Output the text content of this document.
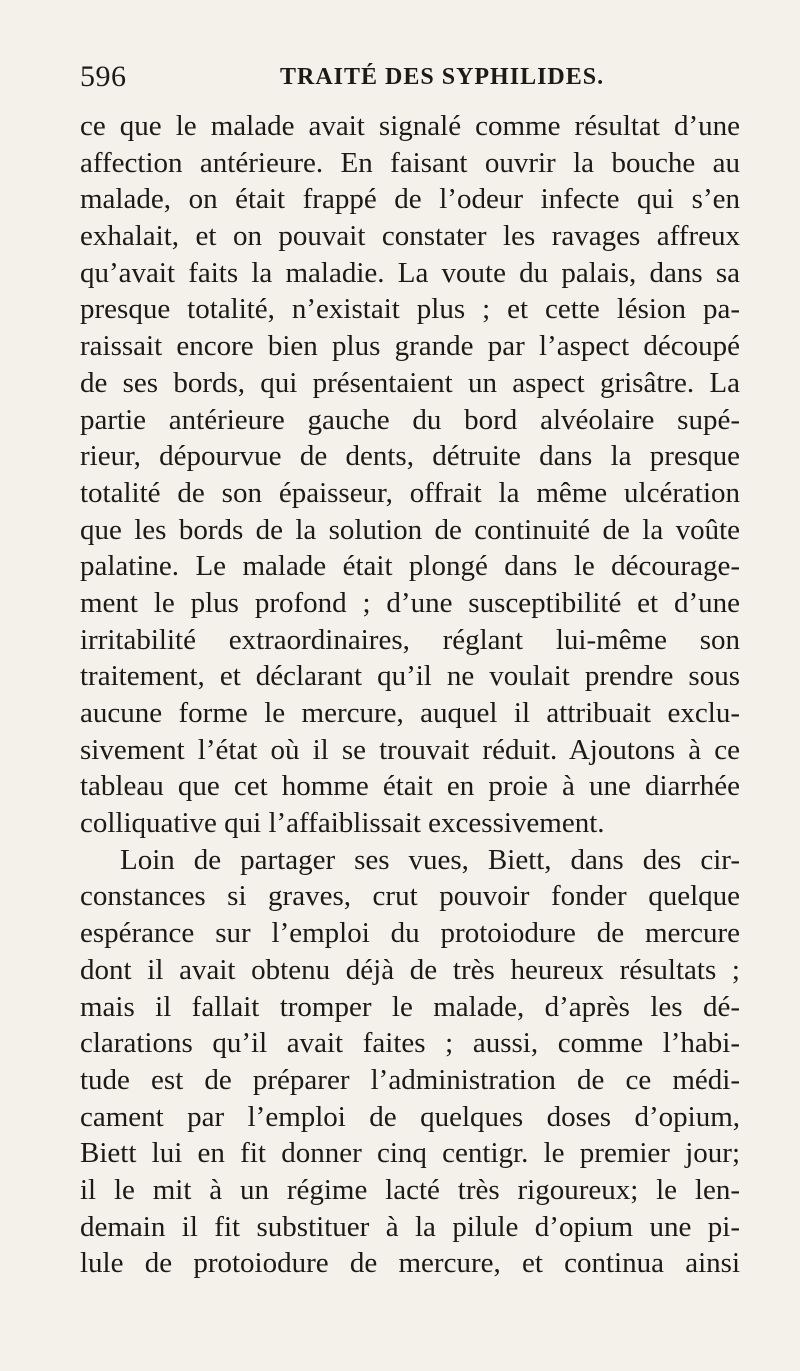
596	TRAITÉ DES SYPHILIDES.
ce que le malade avait signalé comme résultat d’une
affection antérieure. En faisant ouvrir la bouche au
malade, on était frappé de l’odeur infecte qui s’en
exhalait, et on pouvait constater les ravages affreux
qu’avait faits la maladie. La voute du palais, dans sa
presque totalité, n’existait plus ; et cette lésion pa-
raissait encore bien plus grande par l’aspect découpé
de ses bords, qui présentaient un aspect grisâtre. La
partie antérieure gauche du bord alvéolaire supé-
rieur, dépourvue de dents, détruite dans la presque
totalité de son épaisseur, offrait la même ulcération
que les bords de la solution de continuité de la voûte
palatine. Le malade était plongé dans le décourage-
ment le plus profond ; d’une susceptibilité et d’une
irritabilité extraordinaires, réglant lui-même son
traitement, et déclarant qu’il ne voulait prendre sous
aucune forme le mercure, auquel il attribuait exclu-
sivement l’état où il se trouvait réduit. Ajoutons à ce
tableau que cet homme était en proie à une diarrhée
colliquative qui l’affaiblissait excessivement.
Loin de partager ses vues, Biett, dans des cir-
constances si graves, crut pouvoir fonder quelque
espérance sur l’emploi du protoiodure de mercure
dont il avait obtenu déjà de très heureux résultats ;
mais il fallait tromper le malade, d’après les dé-
clarations qu’il avait faites ; aussi, comme l’habi-
tude est de préparer l’administration de ce médi-
cament par l’emploi de quelques doses d’opium,
Biett lui en fit donner cinq centigr. le premier jour;
il le mit à un régime lacté très rigoureux; le len-
demain il fit substituer à la pilule d’opium une pi-
lule de protoiodure de mercure, et continua ainsi
